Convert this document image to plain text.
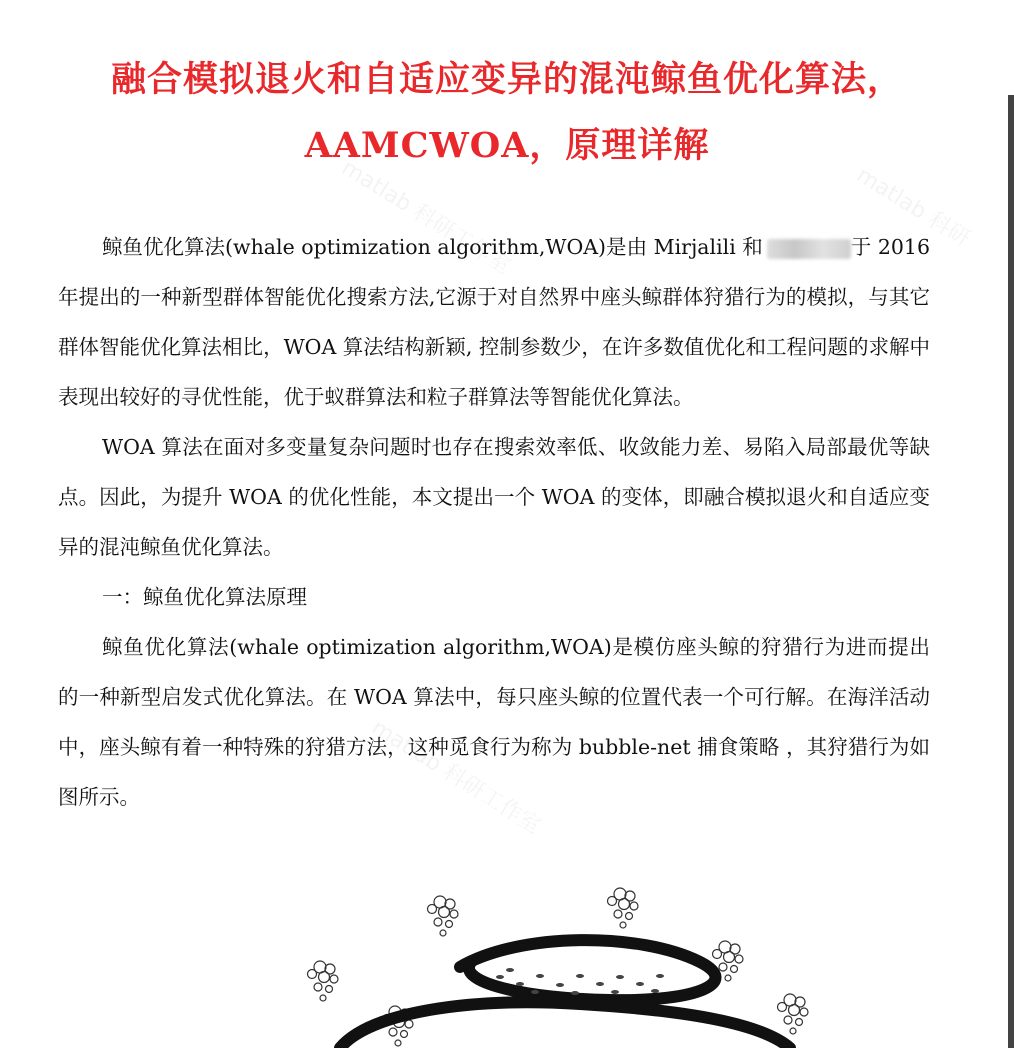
融合模拟退火和自适应变异的混沌鲸鱼优化算法，
AAMCWOA，原理详解

鲸鱼优化算法(whale optimization algorithm,WOA)是由 Mirjalili 和	于 2016 年提出的一种新型群体智能优化搜索方法,它源于对自然界中座头鲸群体狩猎行为的模拟，与其它群体智能优化算法相比，WOA 算法结构新颖, 控制参数少，在许多数值优化和工程问题的求解中表现出较好的寻优性能，优于蚁群算法和粒子群算法等智能优化算法。

WOA 算法在面对多变量复杂问题时也存在搜索效率低、收敛能力差、易陷入局部最优等缺点。因此，为提升 WOA 的优化性能，本文提出一个 WOA 的变体，即融合模拟退火和自适应变异的混沌鲸鱼优化算法。

一：鲸鱼优化算法原理

鲸鱼优化算法(whale optimization algorithm,WOA)是模仿座头鲸的狩猎行为进而提出的一种新型启发式优化算法。在 WOA 算法中，每只座头鲸的位置代表一个可行解。在海洋活动中，座头鲸有着一种特殊的狩猎方法，这种觅食行为称为 bubble-net 捕食策略 ，其狩猎行为如图所示。
